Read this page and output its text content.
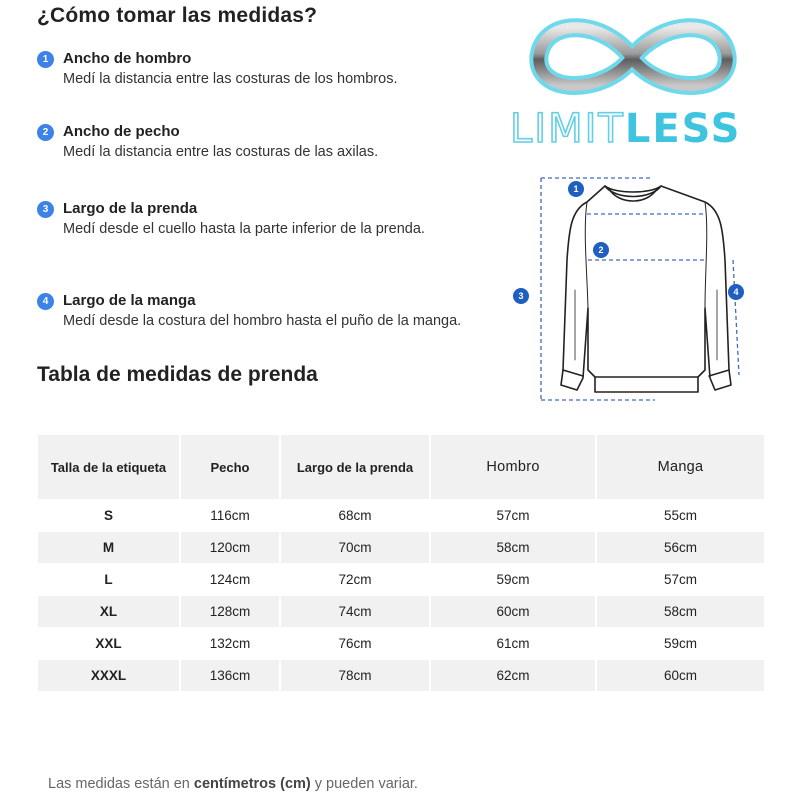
¿Cómo tomar las medidas?
1 Ancho de hombro
Medí la distancia entre las costuras de los hombros.
2 Ancho de pecho
Medí la distancia entre las costuras de las axilas.
3 Largo de la prenda
Medí desde el cuello hasta la parte inferior de la prenda.
4 Largo de la manga
Medí desde la costura del hombro hasta el puño de la manga.
Tabla de medidas de prenda
LIMITLESS
1
2
3	4
Talla de la etiqueta	Pecho	Largo de la prenda	Hombro	Manga
S	116cm	68cm	57cm	55cm
M	120cm	70cm	58cm	56cm
L	124cm	72cm	59cm	57cm
XL	128cm	74cm	60cm	58cm
XXL	132cm	76cm	61cm	59cm
XXXL	136cm	78cm	62cm	60cm
Las medidas están en centímetros (cm) y pueden variar.
